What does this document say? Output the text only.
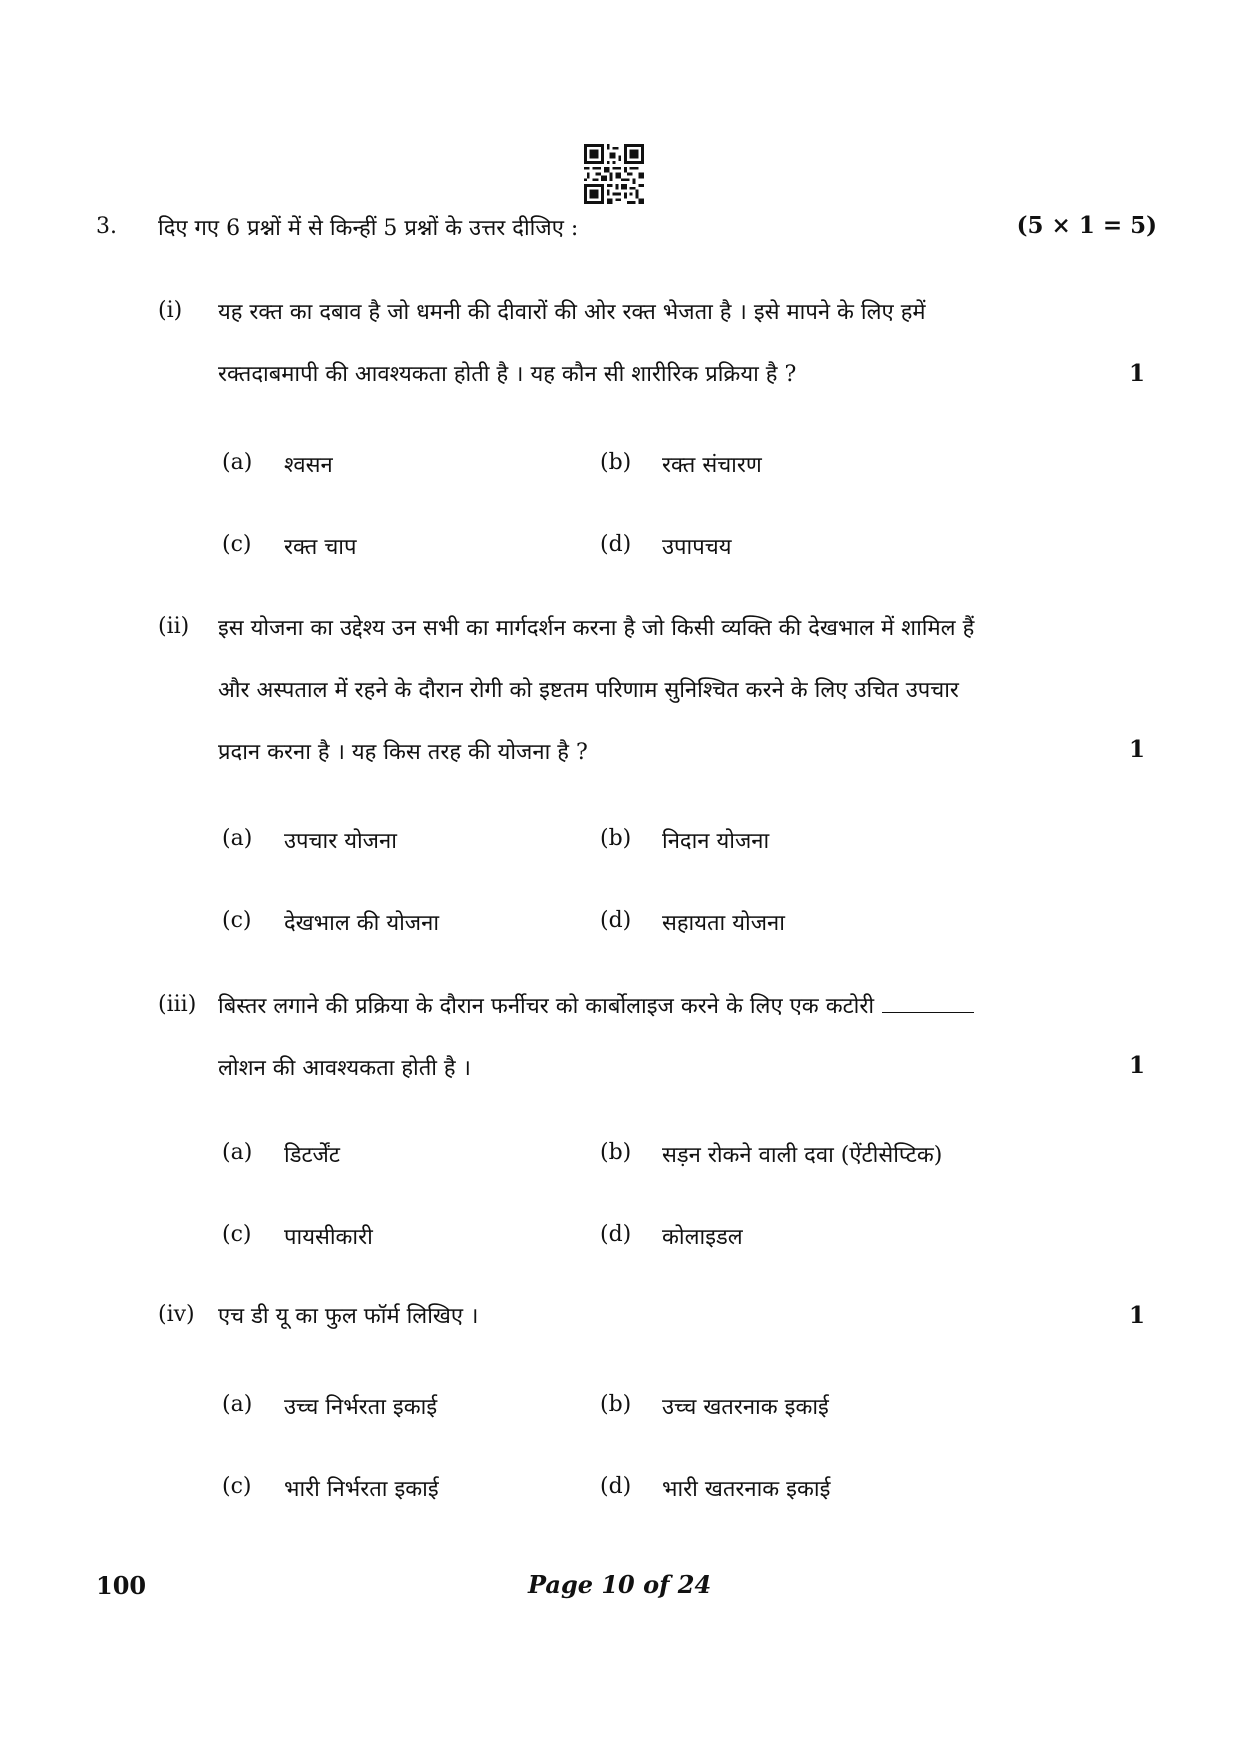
3. दिए गए 6 प्रश्नों में से किन्हीं 5 प्रश्नों के उत्तर दीजिए :	(5 × 1 = 5)
(i) यह रक्त का दबाव है जो धमनी की दीवारों की ओर रक्त भेजता है । इसे मापने के लिए हमें
रक्तदाबमापी की आवश्यकता होती है । यह कौन सी शारीरिक प्रक्रिया है ?	1
(a) श्वसन	(b) रक्त संचारण
(c) रक्त चाप	(d) उपापचय
(ii) इस योजना का उद्देश्य उन सभी का मार्गदर्शन करना है जो किसी व्यक्ति की देखभाल में शामिल हैं
और अस्पताल में रहने के दौरान रोगी को इष्टतम परिणाम सुनिश्चित करने के लिए उचित उपचार
प्रदान करना है । यह किस तरह की योजना है ?	1
(a) उपचार योजना	(b) निदान योजना
(c) देखभाल की योजना	(d) सहायता योजना
(iii) बिस्तर लगाने की प्रक्रिया के दौरान फर्नीचर को कार्बोलाइज करने के लिए एक कटोरी
लोशन की आवश्यकता होती है ।	1
(a) डिटर्जेंट	(b) सड़न रोकने वाली दवा (ऐंटीसेप्टिक)
(c) पायसीकारी	(d) कोलाइडल
(iv) एच डी यू का फुल फॉर्म लिखिए ।	1
(a) उच्च निर्भरता इकाई	(b) उच्च खतरनाक इकाई
(c) भारी निर्भरता इकाई	(d) भारी खतरनाक इकाई
100	Page 10 of 24
